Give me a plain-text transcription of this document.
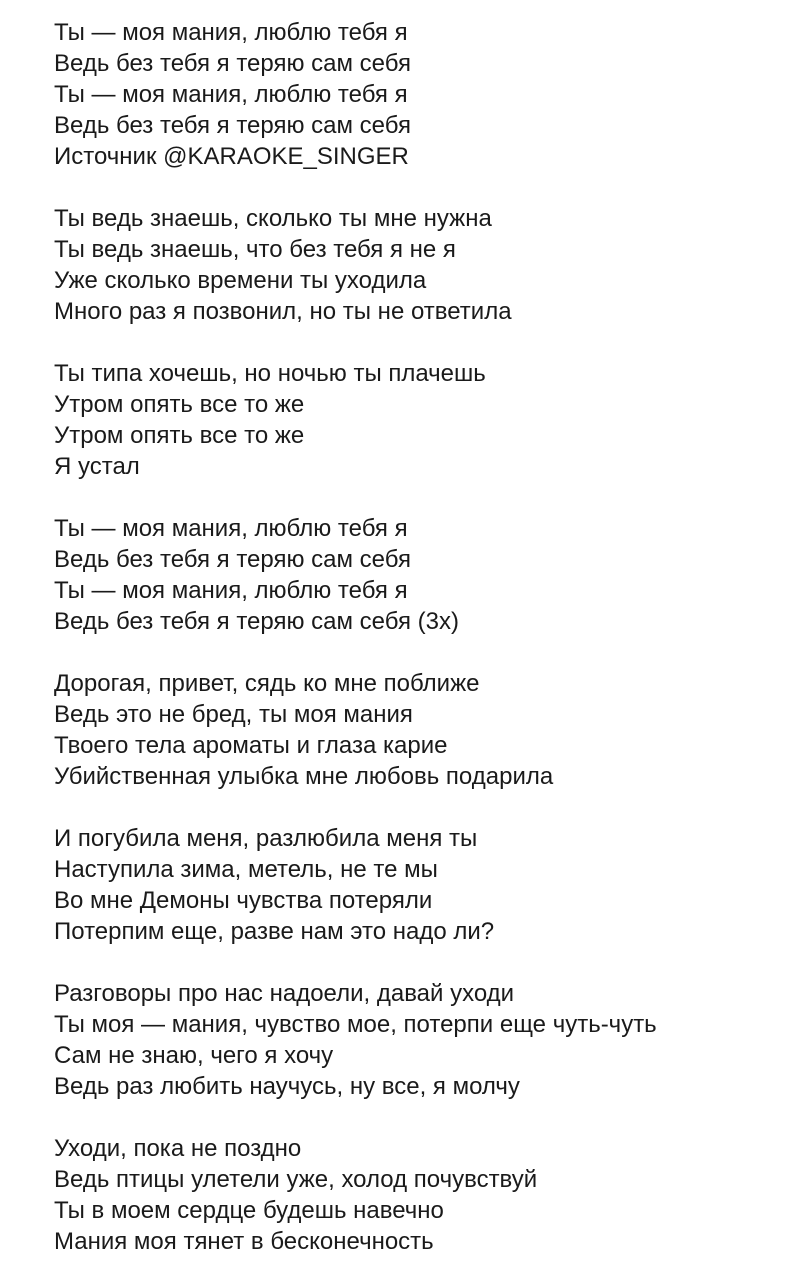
Ты — моя мания, люблю тебя я
Ведь без тебя я теряю сам себя
Ты — моя мания, люблю тебя я
Ведь без тебя я теряю сам себя
Источник @KARAOKE_SINGER
Ты ведь знаешь, сколько ты мне нужна
Ты ведь знаешь, что без тебя я не я
Уже сколько времени ты уходила
Много раз я позвонил, но ты не ответила
Ты типа хочешь, но ночью ты плачешь
Утром опять все то же
Утром опять все то же
Я устал
Ты — моя мания, люблю тебя я
Ведь без тебя я теряю сам себя
Ты — моя мания, люблю тебя я
Ведь без тебя я теряю сам себя (3х)
Дорогая, привет, сядь ко мне поближе
Ведь это не бред, ты моя мания
Твоего тела ароматы и глаза карие
Убийственная улыбка мне любовь подарила
И погубила меня, разлюбила меня ты
Наступила зима, метель, не те мы
Во мне Демоны чувства потеряли
Потерпим еще, разве нам это надо ли?
Разговоры про нас надоели, давай уходи
Ты моя — мания, чувство мое, потерпи еще чуть-чуть
Сам не знаю, чего я хочу
Ведь раз любить научусь, ну все, я молчу
Уходи, пока не поздно
Ведь птицы улетели уже, холод почувствуй
Ты в моем сердце будешь навечно
Мания моя тянет в бесконечность
